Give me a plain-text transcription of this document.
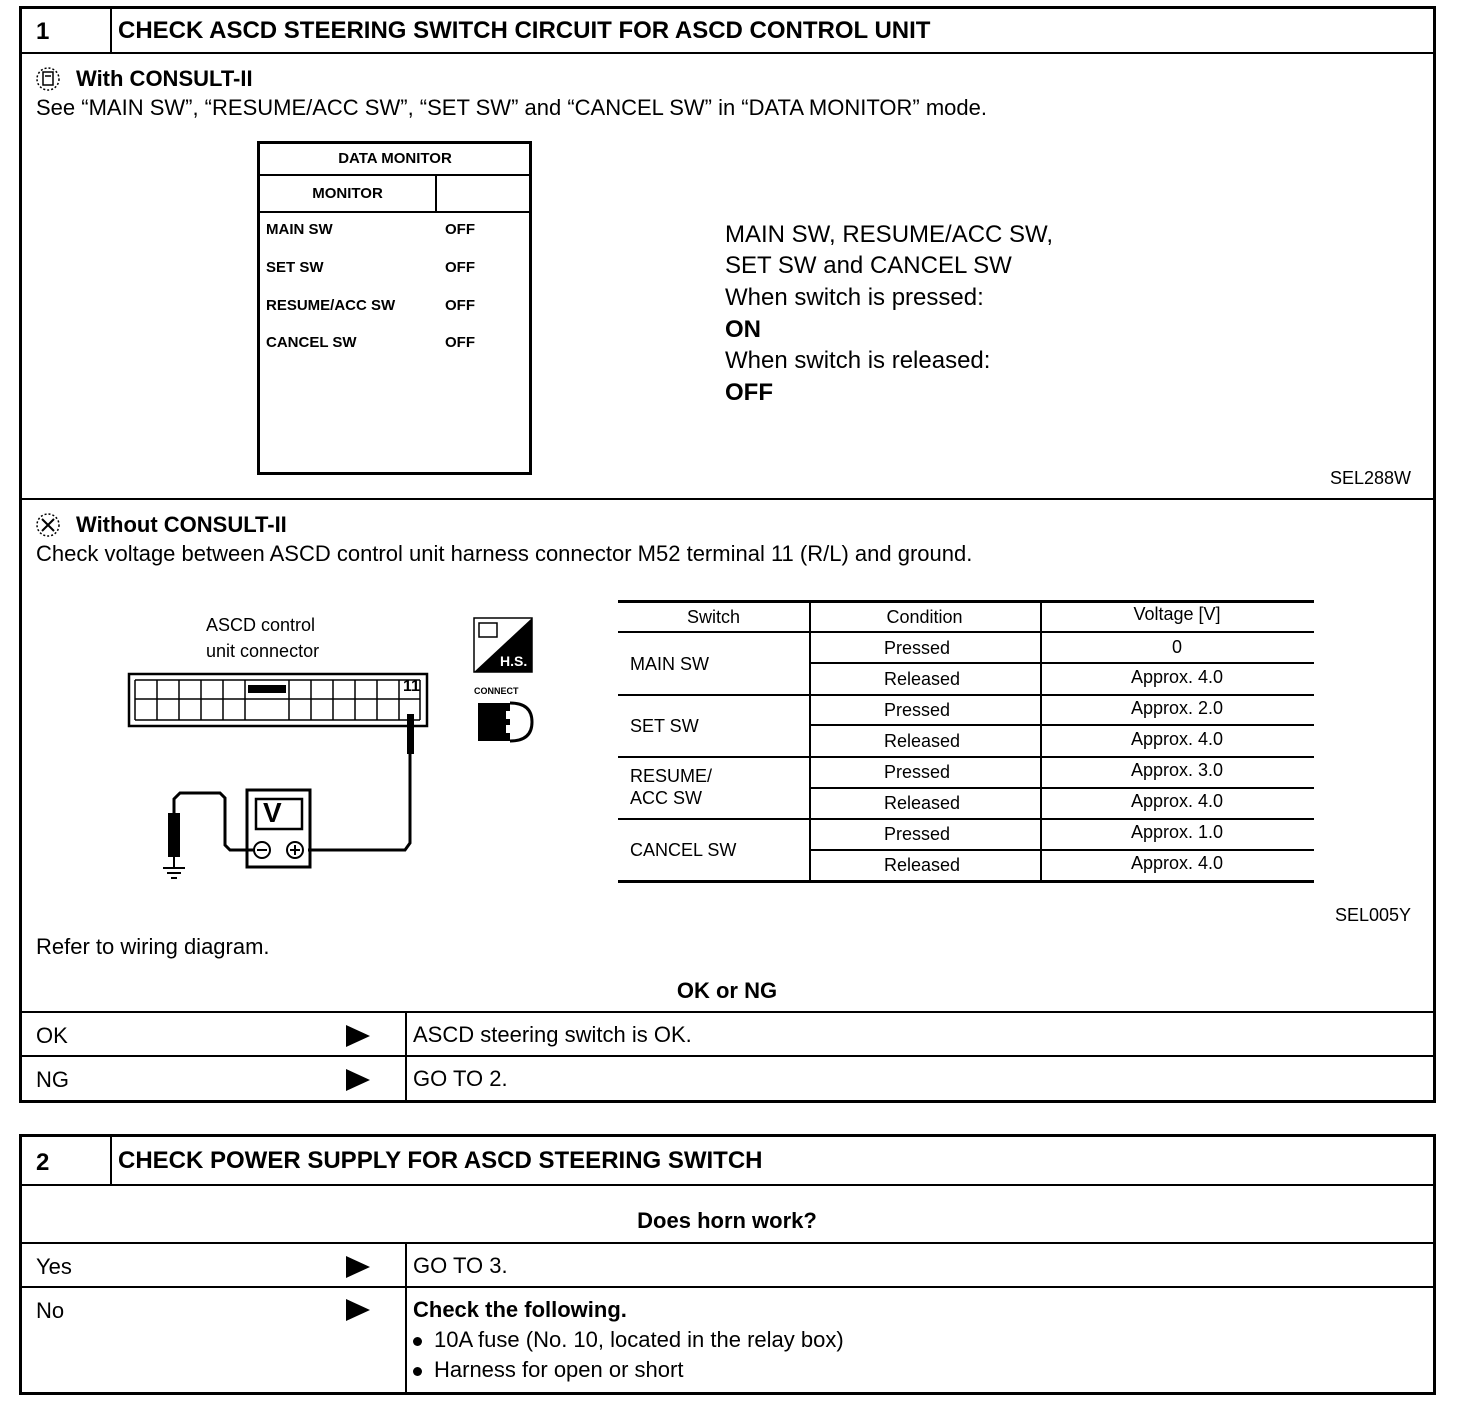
1	CHECK ASCD STEERING SWITCH CIRCUIT FOR ASCD CONTROL UNIT
With CONSULT-II
See “MAIN SW”, “RESUME/ACC SW”, “SET SW” and “CANCEL SW” in “DATA MONITOR” mode.
DATA MONITOR
MONITOR
MAIN SW	OFF
SET SW	OFF
RESUME/ACC SW	OFF
CANCEL SW	OFF
MAIN SW, RESUME/ACC SW,
SET SW and CANCEL SW
When switch is pressed:
ON
When switch is released:
OFF
SEL288W
Without CONSULT-II
Check voltage between ASCD control unit harness connector M52 terminal 11 (R/L) and ground.
ASCD control
unit connector
11
V
H.S.
CONNECT
Switch	Condition	Voltage [V]
MAIN SW
Pressed	0
Released	Approx. 4.0
SET SW
Pressed	Approx. 2.0
Released	Approx. 4.0
RESUME/
ACC SW
Pressed	Approx. 3.0
Released	Approx. 4.0
CANCEL SW
Pressed	Approx. 1.0
Released	Approx. 4.0
SEL005Y
Refer to wiring diagram.
OK or NG
OK	ASCD steering switch is OK.
NG	GO TO 2.
2	CHECK POWER SUPPLY FOR ASCD STEERING SWITCH
Does horn work?
Yes	GO TO 3.
No	Check the following.
10A fuse (No. 10, located in the relay box)
Harness for open or short
